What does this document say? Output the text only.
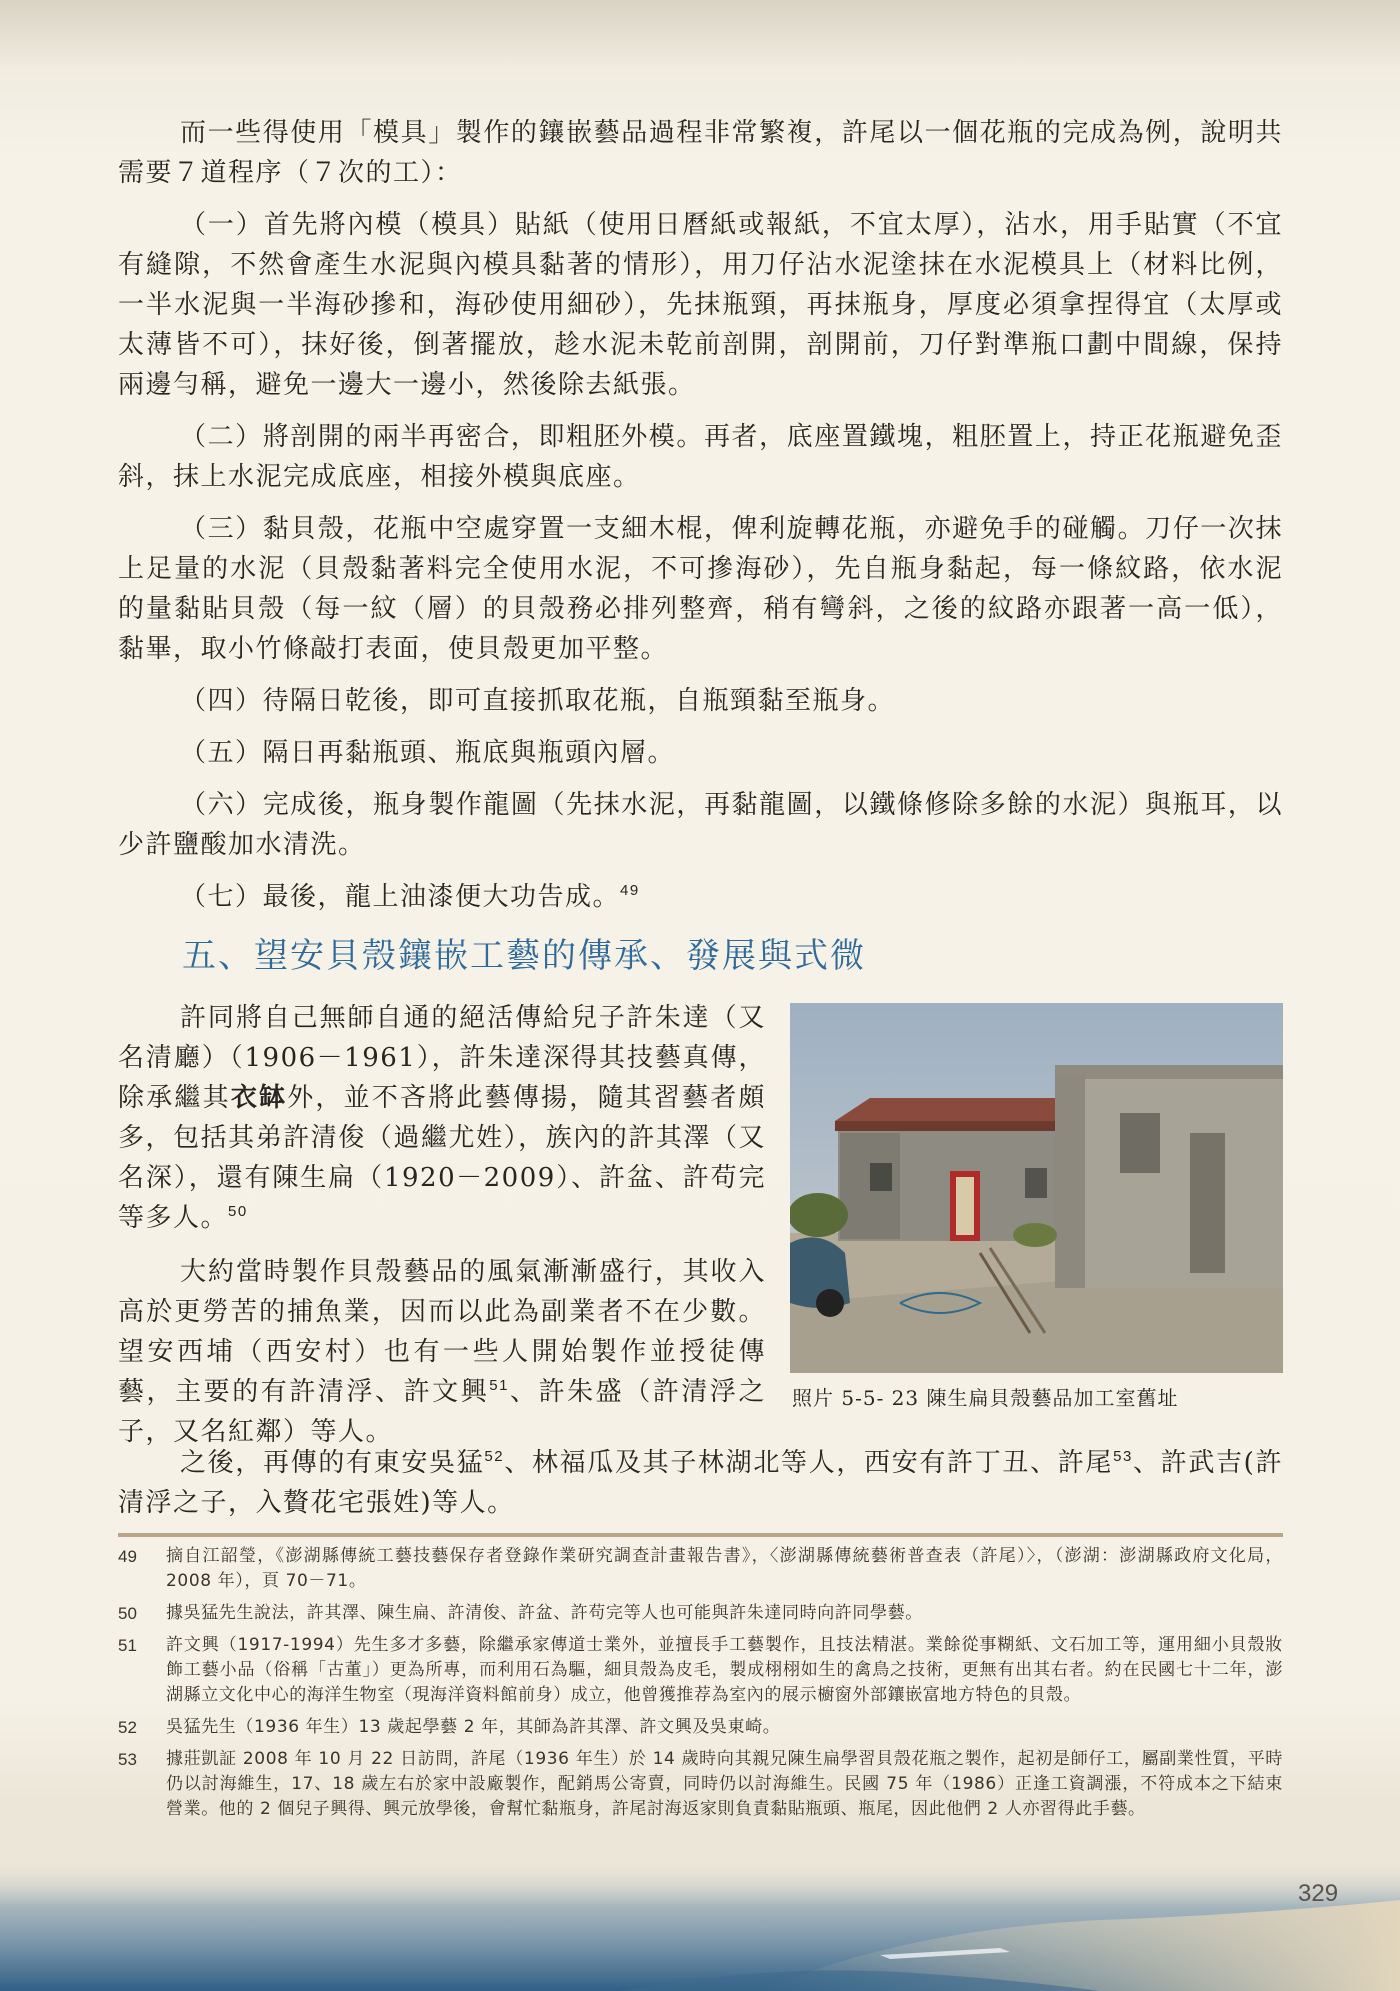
而一些得使用「模具」製作的鑲嵌藝品過程非常繁複，許尾以一個花瓶的完成為例，說明共需要７道程序（７次的工）：

（一）首先將內模（模具）貼紙（使用日曆紙或報紙，不宜太厚），沾水，用手貼實（不宜有縫隙，不然會產生水泥與內模具黏著的情形），用刀仔沾水泥塗抹在水泥模具上（材料比例，一半水泥與一半海砂摻和，海砂使用細砂），先抹瓶頸，再抹瓶身，厚度必須拿捏得宜（太厚或太薄皆不可），抹好後，倒著擺放，趁水泥未乾前剖開，剖開前，刀仔對準瓶口劃中間線，保持兩邊勻稱，避免一邊大一邊小，然後除去紙張。

（二）將剖開的兩半再密合，即粗胚外模。再者，底座置鐵塊，粗胚置上，持正花瓶避免歪斜，抹上水泥完成底座，相接外模與底座。

（三）黏貝殼，花瓶中空處穿置一支細木棍，俾利旋轉花瓶，亦避免手的碰觸。刀仔一次抹上足量的水泥（貝殼黏著料完全使用水泥，不可摻海砂），先自瓶身黏起，每一條紋路，依水泥的量黏貼貝殼（每一紋（層）的貝殼務必排列整齊，稍有彎斜，之後的紋路亦跟著一高一低），黏畢，取小竹條敲打表面，使貝殼更加平整。

（四）待隔日乾後，即可直接抓取花瓶，自瓶頸黏至瓶身。

（五）隔日再黏瓶頭、瓶底與瓶頭內層。

（六）完成後，瓶身製作龍圖（先抹水泥，再黏龍圖，以鐵條修除多餘的水泥）與瓶耳，以少許鹽酸加水清洗。

（七）最後，龍上油漆便大功告成。$^{49}$

五、望安貝殼鑲嵌工藝的傳承、發展與式微

許同將自己無師自通的絕活傳給兒子許朱達（又名清廳）（1906－1961），許朱達深得其技藝真傳，除承繼其衣缽外，並不吝將此藝傳揚，隨其習藝者頗多，包括其弟許清俊（過繼尤姓），族內的許其澤（又名深），還有陳生扁（1920－2009）、許盆、許苟完等多人。$^{50}$

大約當時製作貝殼藝品的風氣漸漸盛行，其收入高於更勞苦的捕魚業，因而以此為副業者不在少數。望安西埔（西安村）也有一些人開始製作並授徒傳藝，主要的有許清浮、許文興$^{51}$、許朱盛（許清浮之子，又名紅鄰）等人。

照片 5-5- 23 陳生扁貝殼藝品加工室舊址

之後，再傳的有東安吳猛$^{52}$、林福瓜及其子林湖北等人，西安有許丁丑、許尾$^{53}$、許武吉(許清浮之子，入贅花宅張姓)等人。

49	摘自江韶瑩，《澎湖縣傳統工藝技藝保存者登錄作業研究調查計畫報告書》，〈澎湖縣傳統藝術普查表（許尾）〉，（澎湖：澎湖縣政府文化局，2008 年），頁 70－71。
50	據吳猛先生說法，許其澤、陳生扁、許清俊、許盆、許苟完等人也可能與許朱達同時向許同學藝。
51	許文興（1917-1994）先生多才多藝，除繼承家傳道士業外，並擅長手工藝製作，且技法精湛。業餘從事糊紙、文石加工等，運用細小貝殼妝飾工藝小品（俗稱「古董」）更為所專，而利用石為驅，細貝殼為皮毛，製成栩栩如生的禽鳥之技術，更無有出其右者。約在民國七十二年，澎湖縣立文化中心的海洋生物室（現海洋資料館前身）成立，他曾獲推荐為室內的展示櫥窗外部鑲嵌富地方特色的貝殼。
52	吳猛先生（1936 年生）13 歲起學藝 2 年，其師為許其澤、許文興及吳東崎。
53	據莊凱証 2008 年 10 月 22 日訪問，許尾（1936 年生）於 14 歲時向其親兄陳生扁學習貝殼花瓶之製作，起初是師仔工，屬副業性質，平時仍以討海維生，17、18 歲左右於家中設廠製作，配銷馬公寄賣，同時仍以討海維生。民國 75 年（1986）正逢工資調漲，不符成本之下結束營業。他的 2 個兒子興得、興元放學後，會幫忙黏瓶身，許尾討海返家則負責黏貼瓶頭、瓶尾，因此他們 2 人亦習得此手藝。
329
